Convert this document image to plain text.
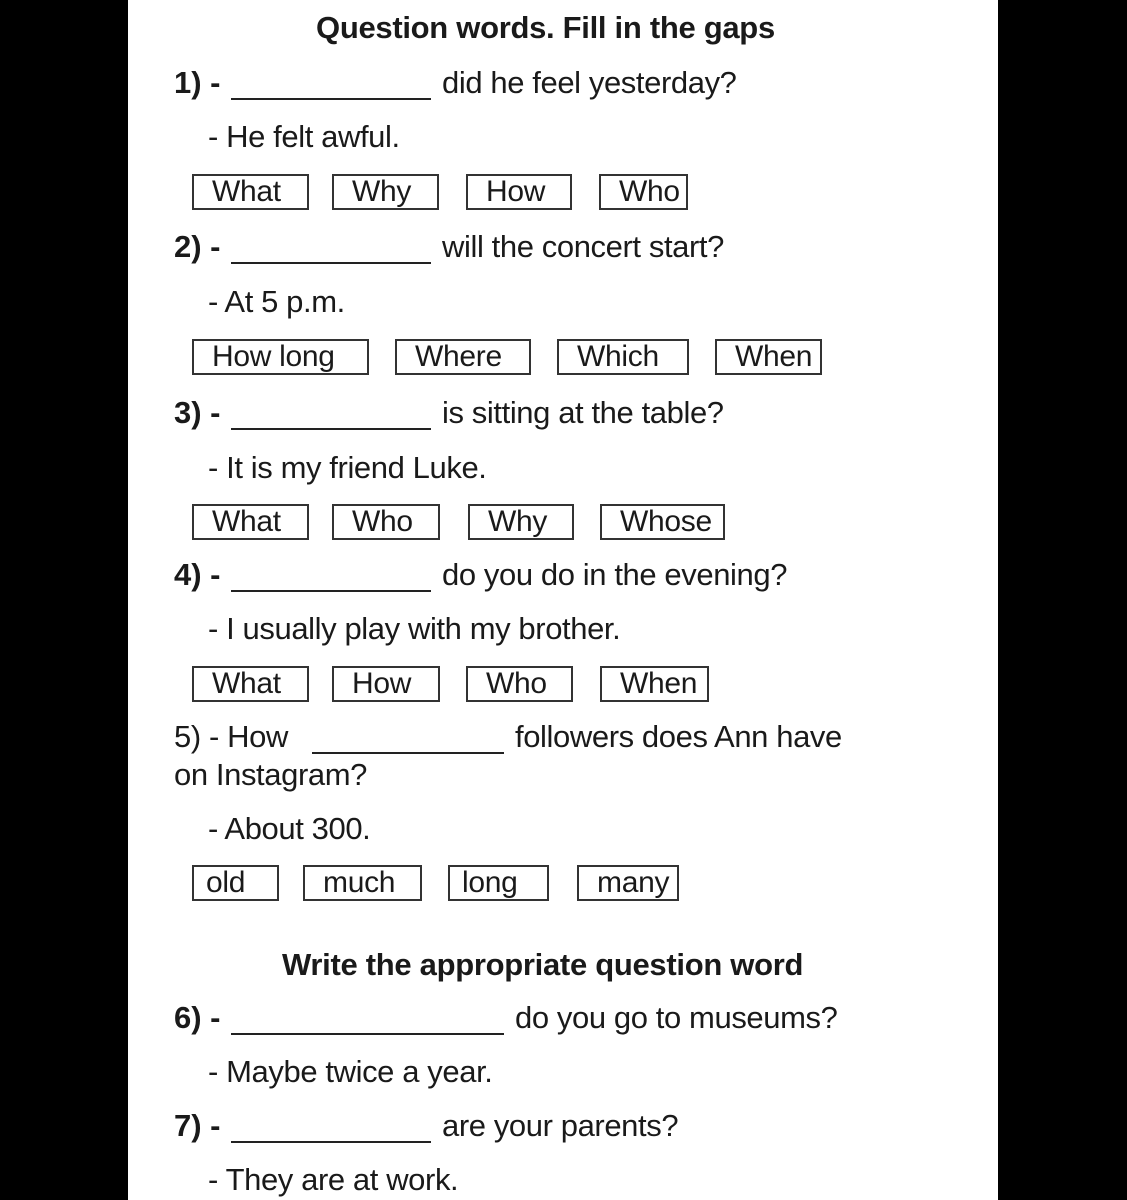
Question words. Fill in the gaps
1) -	did he feel yesterday?
- He felt awful.
What	Why	How	Who
2) -	will the concert start?
- At 5 p.m.
How long	Where	Which	When
3) -	is sitting at the table?
- It is my friend Luke.
What	Who	Why	Whose
4) -	do you do in the evening?
- I usually play with my brother.
What	How	Who	When
5) - How	followers does Ann have
on Instagram?
- About 300.
old	much	long	many
Write the appropriate question word
6) -	do you go to museums?
- Maybe twice a year.
7) -	are your parents?
- They are at work.
